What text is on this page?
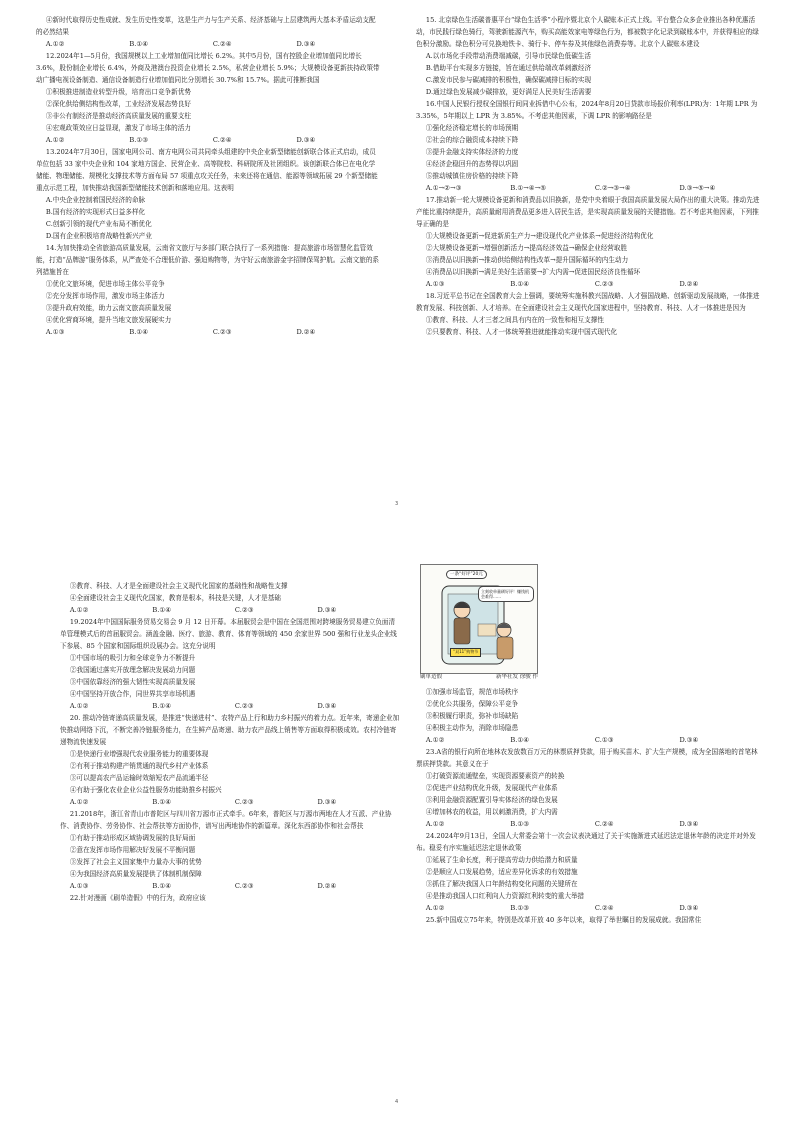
④新时代取得历史性成就、发生历史性变革，这是生产力与生产关系、经济基础与上层建筑两大基本矛盾运动支配的必然结果

A.①②	B.①④	C.②④	D.③④

12.2024年1—5月份，我国规模以上工业增加值同比增长 6.2%。其中5月份，国有控股企业增加值同比增长 3.6%，股份制企业增长 6.4%，外商及港澳台投资企业增长 2.5%，私营企业增长 5.9%；大规模设备更新扶持政策带动广播电视设备制造、通信设备制造行业增加值同比分别增长 30.7%和 15.7%。据此可推断我国

①积极推进制造业转型升级，培育出口竞争新优势

②深化供给侧结构性改革，工业经济发展态势良好

③非公有制经济是推动经济高质量发展的重要支柱

④宏观政策效应日益显现，激发了市场主体的活力

A.①②	B.①③	C.②④	D.③④

13.2024年7月30日，国家电网公司、南方电网公司共同牵头组建的中央企业新型储能创新联合体正式启动，成员单位包括 33 家中央企业和 104 家地方国企、民营企业、高等院校、科研院所及社团组织。该创新联合体已在电化学储能、物理储能、规模化支撑技术等方面布局 57 项重点攻关任务，未来还将在通信、能源等领域拓展 29 个新型储能重点示范工程，加快推动我国新型储能技术创新和落地应用。这表明

A.中央企业控制着国民经济的命脉

B.国有经济的实现形式日益多样化

C.创新引领的现代产业布局不断优化

D.国有企业积极培育战略性新兴产业

14.为加快推动全省旅游高质量发展，云南省文旅厅与多部门联合执行了一系列措施：提高旅游市场智慧化监管效能，打造“品牌游”服务体系，从严查处不合理低价游、强迫购物等，为守好云南旅游金字招牌保驾护航。云南文旅的系列措施旨在

①优化文旅环境，促进市场主体公平竞争

②充分发挥市场作用，激发市场主体活力

③提升政府效能，助力云南文旅高质量发展

④优化营商环境，提升当地文旅发展硬实力

A.①③	B.①④	C.②③	D.②④

15. 北京绿色生活碳普惠平台“绿色生活季”小程序暨北京个人碳账本正式上线。平台整合众多企业推出各种优惠活动，市民践行绿色骑行，驾驶新能源汽车，购买高能效家电等绿色行为，都被数字化记录到碳账本中，并获得相应的绿色积分激励。绿色积分可兑换地铁卡、骑行卡、停车券及其他绿色消费券等。北京个人碳账本建设

A.以市场化手段带动消费端减碳，引导市民绿色低碳生活

B.借助平台实现多方链接，旨在通过供给端改革刺激经济

C.激发市民参与碳减排的积极性，确保碳减排目标的实现

D.通过绿色发展减少碳排放，更好满足人民美好生活需要

16.中国人民银行授权全国银行间同业拆借中心公布，2024年8月20日贷款市场报价利率(LPR)为：1年期 LPR 为 3.35%，5年期以上 LPR 为 3.85%。不考虑其他因素，下调 LPR 的影响路径是

①强化经济稳定增长的市场预期

②社会的综合融资成本持续下降

③提升金融支持实体经济的力度

④经济企稳回升的态势得以巩固

⑤推动城镇住房价格的持续下降

A.①→②→③	B.①→④→⑤	C.②→③→④	D.③→⑤→④

17.推动新一轮大规模设备更新和消费品以旧换新，是党中央着眼于我国高质量发展大局作出的重大决策。推动先进产能比重持续提升，高质量耐用消费品更多进入居民生活，是实现高质量发展的关键措施。若不考虑其他因素，下列推导正确的是

①大规模设备更新→促进新质生产力→建设现代化产业体系→促进经济结构优化

②大规模设备更新→增强创新活力→提高经济效益→确保企业经营取胜

③消费品以旧换新→推动供给侧结构性改革→提升国际循环的内生动力

④消费品以旧换新→满足美好生活需要→扩大内需→促进国民经济良性循环

A.①③	B.①④	C.②③	D.②④

18.习近平总书记在全国教育大会上强调，要统筹实施科教兴国战略、人才强国战略、创新驱动发展战略，一体推进教育发展、科技创新、人才培养。在全面建设社会主义现代化国家进程中，坚持教育、科技、人才一体推进是因为

①教育、科技、人才三者之间具有内在的一致性和相互支撑性

②只要教育、科技、人才一体统筹推进就能推动实现中国式现代化

3

③教育、科技、人才是全面建设社会主义现代化国家的基础性和战略性支撑

④全面建设社会主义现代化国家，教育是根本，科技是关键，人才是基础

A.①②	B.①④	C.②③	D.③④

19.2024年中国国际服务贸易交易会 9 月 12 日开幕。本届服贸会是中国在全国范围对跨境服务贸易建立负面清单管理模式后的首届服贸会。涵盖金融、医疗、旅游、教育、体育等领域的 450 余家世界 500 强和行业龙头企业线下参展、85 个国家和国际组织设展办会。这充分说明

①中国市场的吸引力和全球竞争力不断提升

②我国通过落实开放理念解决发展动力问题

③中国依靠经济的强大韧性实现高质量发展

④中国坚持开放合作，同世界共享市场机遇

A.①②	B.①④	C.②③	D.③④

20. 推动冷链寄递高质量发展，是推进“快递进村”、农特产品上行和助力乡村振兴的着力点。近年来，寄递企业加快推动网络下沉，不断完善冷链服务能力，在生鲜产品寄递、助力农产品线上销售等方面取得积极成效。农村冷链寄递物流快速发展

①是快递行业增强现代农业服务能力的重要体现

②有利于推动构建产销贯通的现代乡村产业体系

③可以提高农产品运输时效缩短农产品流通半径

④有助于强化农业企业公益性服务功能助推乡村振兴

A.①②	B.①④	C.②③	D.③④

21.2018年，浙江省青山市普陀区与四川省万源市正式牵手。6年来，普陀区与万源市两地在人才互派、产业协作、消费协作、劳务协作、社会帮扶等方面协作，谱写出两地协作的新篇章。深化东西部协作和社会帮扶

①有助于推动形成区域协调发展的良好局面

②意在发挥市场作用解决好发展不平衡问题

③发挥了社会主义国家集中力量办大事的优势

④为我国经济高质量发展提供了体制机制保障

A.①③	B.①④	C.②③	D.②④

22.针对漫画《刷单造假》中的行为，政府应该

一条“好评”20元
立刻收单量刷好评！赚钱机会难得……
“双11”购物节
刷单造假	新华社发 徐骏 作

①加强市场监管，规范市场秩序

②优化公共服务，保障公平竞争

③积极履行职责，弥补市场缺陷

④积极主动作为，消除市场隐患

A.①②	B.①④	C.①③	D.③④

23.A省的银行向所在地林农发放数百万元的林票质押贷款，用于购买苗木、扩大生产规模，成为全国落地的首笔林票质押贷款。其意义在于

①打破资源流通壁垒，实现资源要素资产的转换

②促进产业结构优化升级，发展现代产业体系

③利用金融资源配置引导实体经济的绿色发展

④增加林农的收益，用以刺激消费，扩大内需

A.①②	B.①③	C.②④	D.③④

24.2024年9月13日，全国人大常委会第十一次会议表决通过了关于实施渐进式延迟法定退休年龄的决定并对外发布。稳妥有序实施延迟法定退休政策

①延展了生命长度，利于提高劳动力供给潜力和质量

②是顺应人口发展趋势，适应差异化诉求的有效措施

③抓住了解决我国人口年龄结构变化问题的关键所在

④是推动我国人口红利向人力资源红利转变的重大举措

A.①②	B.①③	C.②④	D.③④

25.新中国成立75年来，特别是改革开放 40 多年以来，取得了举世瞩目的发展成就。我国常住

4
